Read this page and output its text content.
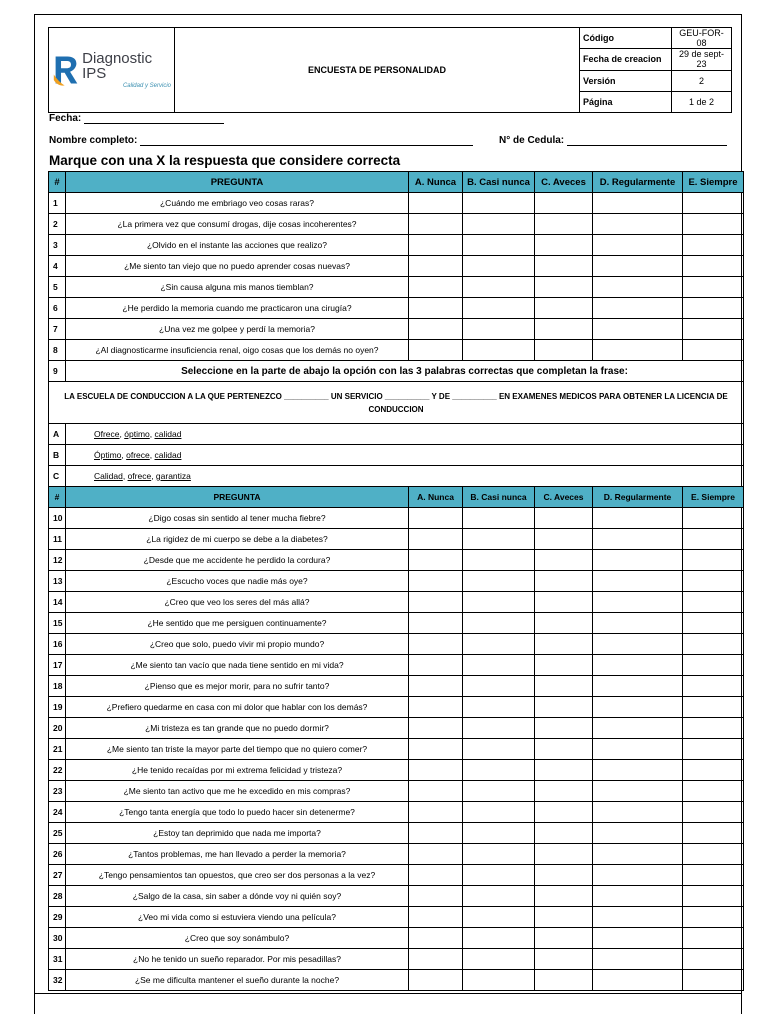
Diagnostic IPS
Calidad y Servicio	ENCUESTA DE PERSONALIDAD	Código	GEU-FOR-08
		Fecha de creacion	29 de sept-23
		Versión	2
		Página	1 de 2
Fecha:
Nombre completo:	N° de Cedula:
Marque con una X la respuesta que considere correcta
#	PREGUNTA	A. Nunca	B. Casi nunca	C. Aveces	D. Regularmente	E. Siempre
1	¿Cuándo me embriago veo cosas raras?					
2	¿La primera vez que consumí drogas, dije cosas incoherentes?					
3	¿Olvido en el instante las acciones que realizo?					
4	¿Me siento tan viejo que no puedo aprender cosas nuevas?					
5	¿Sin causa alguna mis manos tiemblan?					
6	¿He perdido la memoria cuando me practicaron una cirugía?					
7	¿Una vez me golpee y perdí la memoria?					
8	¿Al diagnosticarme insuficiencia renal, oigo cosas que los demás no oyen?					
9	Seleccione en la parte de abajo la opción con las 3 palabras correctas que completan la frase:					
LA ESCUELA DE CONDUCCION A LA QUE PERTENEZCO __________ UN SERVICIO __________ Y DE __________ EN EXAMENES MEDICOS PARA OBTENER LA LICENCIA DE CONDUCCION						
A	Ofrece, óptimo, calidad					
B	Óptimo, ofrece, calidad					
C	Calidad, ofrece, garantiza					
#	PREGUNTA	A. Nunca	B. Casi nunca	C. Aveces	D. Regularmente	E. Siempre
10	¿Digo cosas sin sentido al tener mucha fiebre?					
11	¿La rigidez de mi cuerpo se debe a la diabetes?					
12	¿Desde que me accidente he perdido la cordura?					
13	¿Escucho voces que nadie más oye?					
14	¿Creo que veo los seres del más allá?					
15	¿He sentido que me persiguen continuamente?					
16	¿Creo que solo, puedo vivir mi propio mundo?					
17	¿Me siento tan vacío que nada tiene sentido en mi vida?					
18	¿Pienso que es mejor morir, para no sufrir tanto?					
19	¿Prefiero quedarme en casa con mi dolor que hablar con los demás?					
20	¿Mi tristeza es tan grande que no puedo dormir?					
21	¿Me siento tan triste la mayor parte del tiempo que no quiero comer?					
22	¿He tenido recaídas por mi extrema felicidad y tristeza?					
23	¿Me siento tan activo que me he excedido en mis compras?					
24	¿Tengo tanta energía que todo lo puedo hacer sin detenerme?					
25	¿Estoy tan deprimido que nada me importa?					
26	¿Tantos problemas, me han llevado a perder la memoria?					
27	¿Tengo pensamientos tan opuestos, que creo ser dos personas a la vez?					
28	¿Salgo de la casa, sin saber a dónde voy ni quién soy?					
29	¿Veo mi vida como si estuviera viendo una película?					
30	¿Creo que soy sonámbulo?					
31	¿No he tenido un sueño reparador. Por mis pesadillas?					
32	¿Se me dificulta mantener el sueño durante la noche?					
